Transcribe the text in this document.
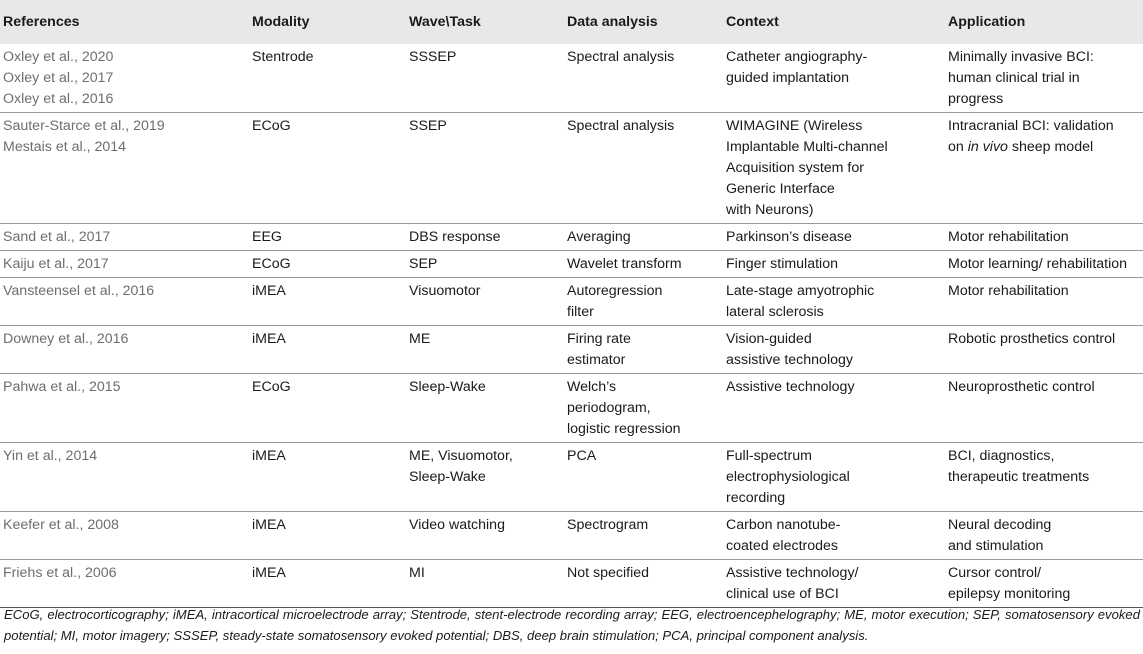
References	Modality	Wave\Task	Data analysis	Context	Application

Oxley et al., 2020
Oxley et al., 2017
Oxley et al., 2016	Stentrode	SSSEP	Spectral analysis	Catheter angiography-
guided implantation	Minimally invasive BCI:
human clinical trial in
progress

Sauter-Starce et al., 2019
Mestais et al., 2014	ECoG	SSEP	Spectral analysis	WIMAGINE (Wireless
Implantable Multi-channel
Acquisition system for
Generic Interface
with Neurons)	Intracranial BCI: validation
on in vivo sheep model

Sand et al., 2017	EEG	DBS response	Averaging	Parkinson’s disease	Motor rehabilitation

Kaiju et al., 2017	ECoG	SEP	Wavelet transform	Finger stimulation	Motor learning/ rehabilitation

Vansteensel et al., 2016	iMEA	Visuomotor	Autoregression
filter	Late-stage amyotrophic
lateral sclerosis	Motor rehabilitation

Downey et al., 2016	iMEA	ME	Firing rate
estimator	Vision-guided
assistive technology	Robotic prosthetics control

Pahwa et al., 2015	ECoG	Sleep-Wake	Welch’s
periodogram,
logistic regression	Assistive technology	Neuroprosthetic control

Yin et al., 2014	iMEA	ME, Visuomotor,
Sleep-Wake	PCA	Full-spectrum
electrophysiological
recording	BCI, diagnostics,
therapeutic treatments

Keefer et al., 2008	iMEA	Video watching	Spectrogram	Carbon nanotube-
coated electrodes	Neural decoding
and stimulation

Friehs et al., 2006	iMEA	MI	Not specified	Assistive technology/
clinical use of BCI	Cursor control/
epilepsy monitoring
ECoG, electrocorticography; iMEA, intracortical microelectrode array; Stentrode, stent-electrode recording array; EEG, electroencephelography; ME, motor execution; SEP, somatosensory evoked potential; MI, motor imagery; SSSEP, steady-state somatosensory evoked potential; DBS, deep brain stimulation; PCA, principal component analysis.
